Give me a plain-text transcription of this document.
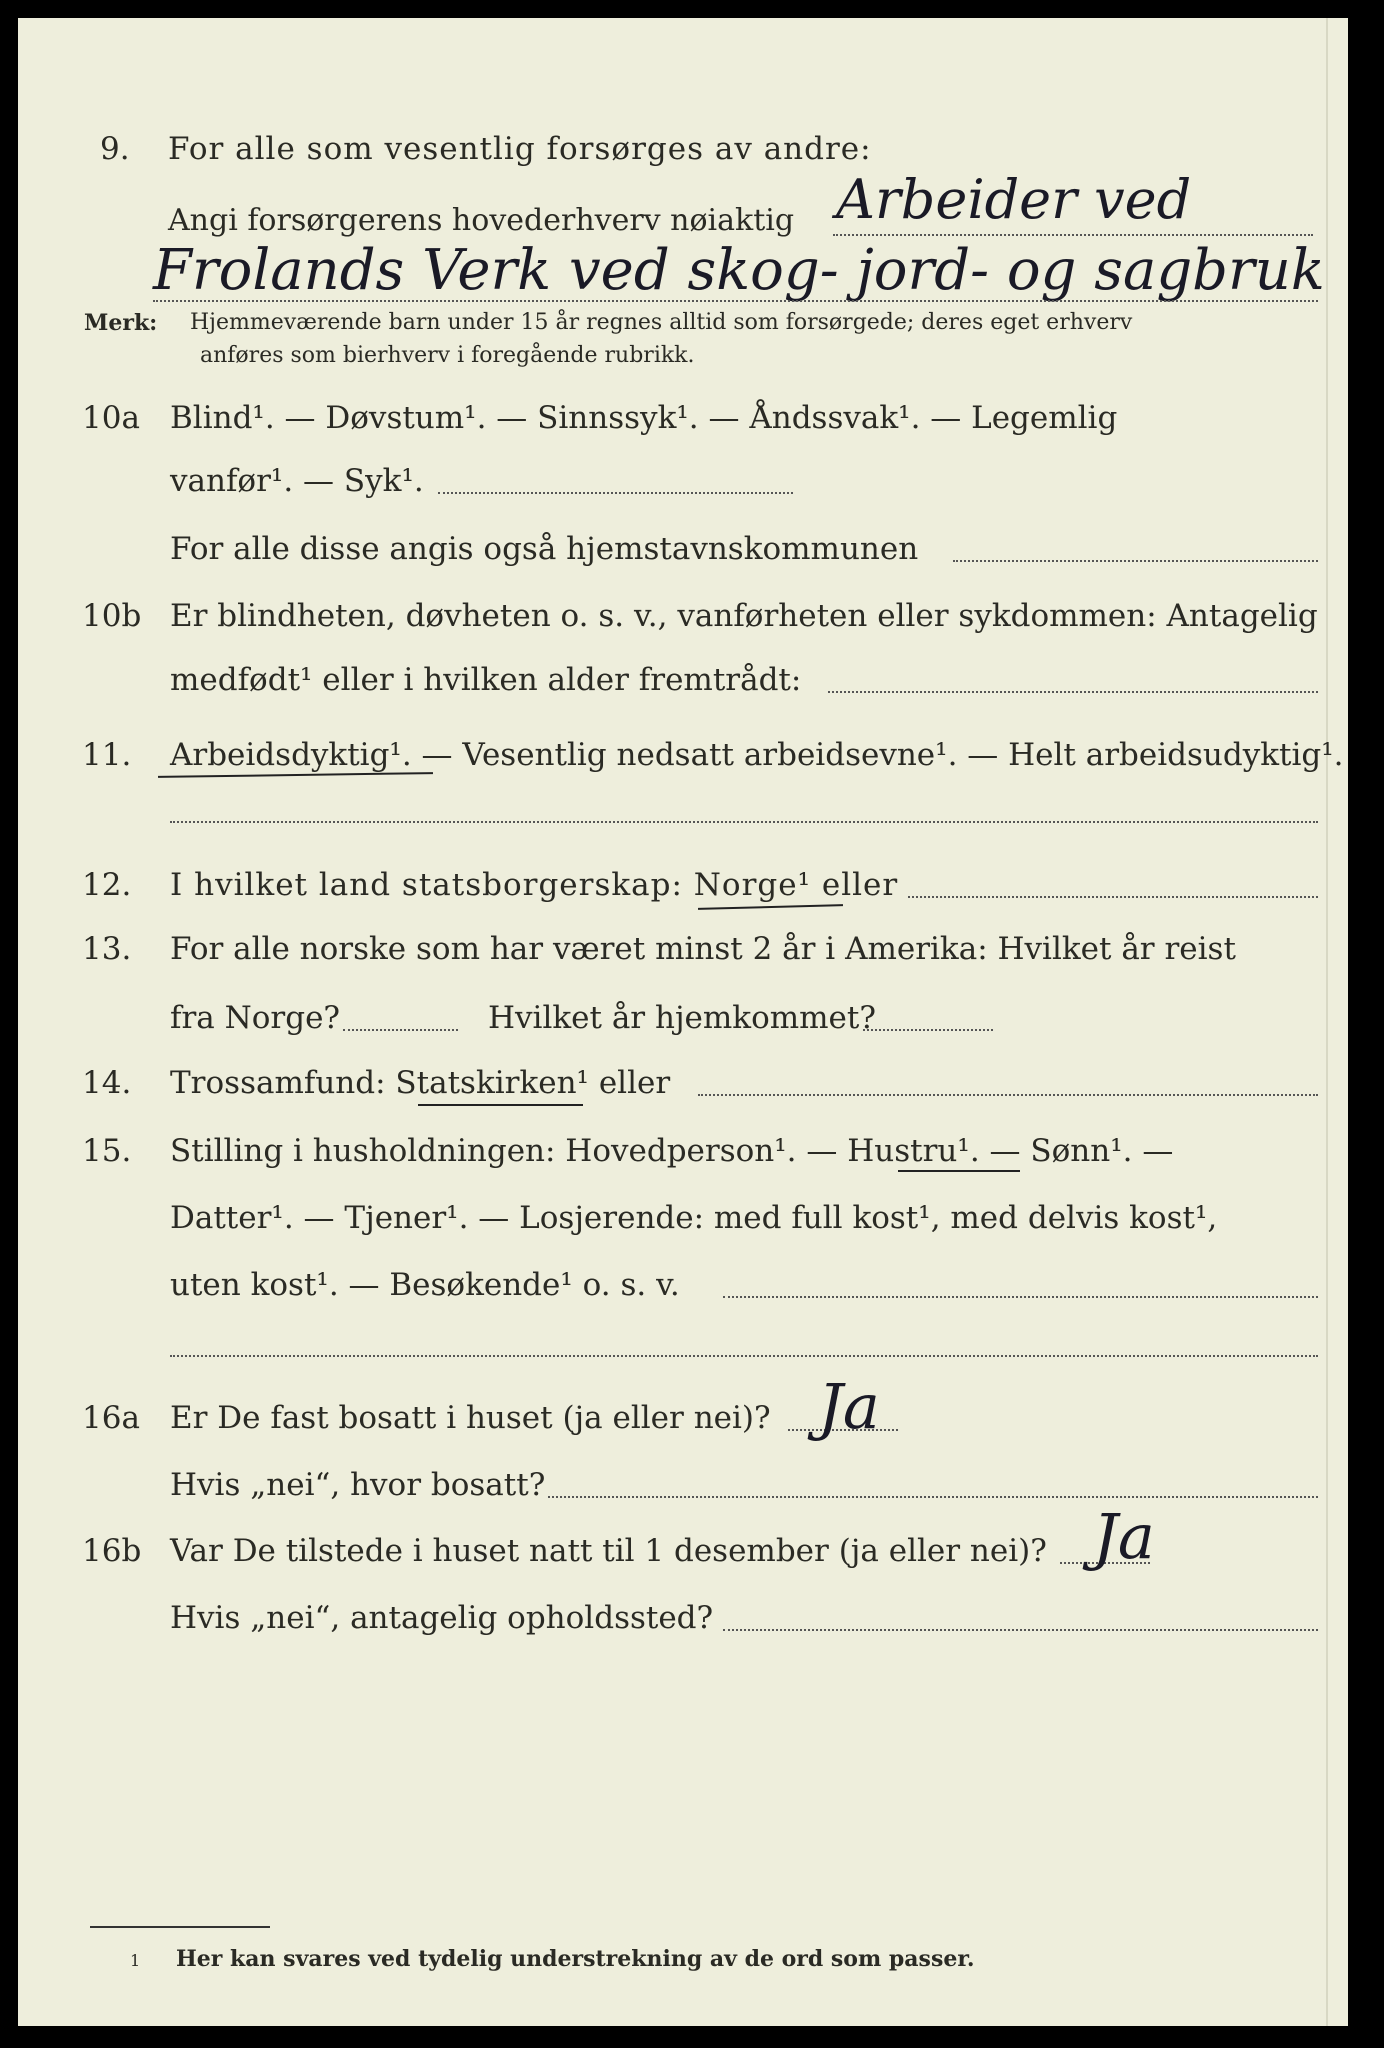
9. For alle som vesentlig forsørges av andre:
Angi forsørgerens hovederhverv nøiaktig Arbeider ved
Frolands Verk ved skog- jord- og sagbruk
Merk: Hjemmeværende barn under 15 år regnes alltid som forsørgede; deres eget erhverv
anføres som bierhverv i foregående rubrikk.
10a Blind¹. — Døvstum¹. — Sinnssyk¹. — Åndssvak¹. — Legemlig
vanfør¹. — Syk¹.
For alle disse angis også hjemstavnskommunen
10b Er blindheten, døvheten o. s. v., vanførheten eller sykdommen: Antagelig
medfødt¹ eller i hvilken alder fremtrådt:
11. Arbeidsdyktig¹. — Vesentlig nedsatt arbeidsevne¹. — Helt arbeidsudyktig¹.
12. I hvilket land statsborgerskap: Norge¹ eller
13. For alle norske som har været minst 2 år i Amerika: Hvilket år reist
fra Norge?	Hvilket år hjemkommet?
14. Trossamfund: Statskirken¹ eller
15. Stilling i husholdningen: Hovedperson¹. — Hustru¹. — Sønn¹. —
Datter¹. — Tjener¹. — Losjerende: med full kost¹, med delvis kost¹,
uten kost¹. — Besøkende¹ o. s. v.
16a Er De fast bosatt i huset (ja eller nei)? Ja
Hvis „nei“, hvor bosatt?
16b Var De tilstede i huset natt til 1 desember (ja eller nei)? Ja
Hvis „nei“, antagelig opholdssted?
1 Her kan svares ved tydelig understrekning av de ord som passer.
